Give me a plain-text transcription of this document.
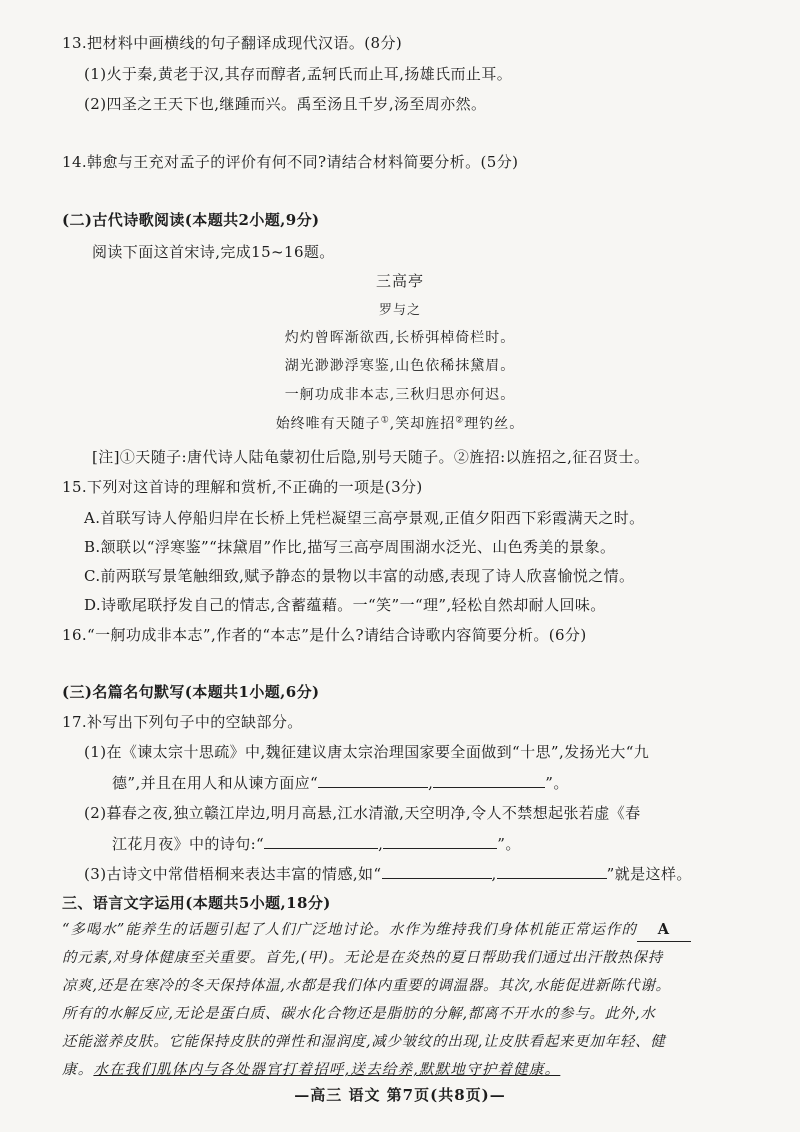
13.把材料中画横线的句子翻译成现代汉语。(8分)
(1)火于秦,黄老于汉,其存而醇者,孟轲氏而止耳,扬雄氏而止耳。
(2)四圣之王天下也,继踵而兴。禹至汤且千岁,汤至周亦然。
14.韩愈与王充对孟子的评价有何不同?请结合材料简要分析。(5分)
(二)古代诗歌阅读(本题共2小题,9分)
阅读下面这首宋诗,完成15~16题。
三高亭
罗与之
灼灼曾晖渐欲西,长桥弭棹倚栏时。
湖光渺渺浮寒鉴,山色依稀抹黛眉。
一舸功成非本志,三秋归思亦何迟。
始终唯有天随子①,笑却旌招②理钓丝。
[注]①天随子:唐代诗人陆龟蒙初仕后隐,别号天随子。②旌招:以旌招之,征召贤士。
15.下列对这首诗的理解和赏析,不正确的一项是(3分)
A.首联写诗人停船归岸在长桥上凭栏凝望三高亭景观,正值夕阳西下彩霞满天之时。
B.颔联以“浮寒鉴”“抹黛眉”作比,描写三高亭周围湖水泛光、山色秀美的景象。
C.前两联写景笔触细致,赋予静态的景物以丰富的动感,表现了诗人欣喜愉悦之情。
D.诗歌尾联抒发自己的情志,含蓄蕴藉。一“笑”一“理”,轻松自然却耐人回味。
16.“一舸功成非本志”,作者的“本志”是什么?请结合诗歌内容简要分析。(6分)
(三)名篇名句默写(本题共1小题,6分)
17.补写出下列句子中的空缺部分。
(1)在《谏太宗十思疏》中,魏征建议唐太宗治理国家要全面做到“十思”,发扬光大“九
德”,并且在用人和从谏方面应“	,	”。
(2)暮春之夜,独立赣江岸边,明月高悬,江水清澈,天空明净,令人不禁想起张若虚《春
江花月夜》中的诗句:“	,	”。
(3)古诗文中常借梧桐来表达丰富的情感,如“	,	”就是这样。
三、语言文字运用(本题共5小题,18分)
“多喝水”能养生的话题引起了人们广泛地讨论。水作为维持我们身体机能正常运作的 A
的元素,对身体健康至关重要。首先,(甲)。无论是在炎热的夏日帮助我们通过出汗散热保持
凉爽,还是在寒冷的冬天保持体温,水都是我们体内重要的调温器。其次,水能促进新陈代谢。
所有的水解反应,无论是蛋白质、碳水化合物还是脂肪的分解,都离不开水的参与。此外,水
还能滋养皮肤。它能保持皮肤的弹性和湿润度,减少皱纹的出现,让皮肤看起来更加年轻、健
康。水在我们肌体内与各处器官打着招呼,送去给养,默默地守护着健康。
—高三 语文 第7页(共8页)—
